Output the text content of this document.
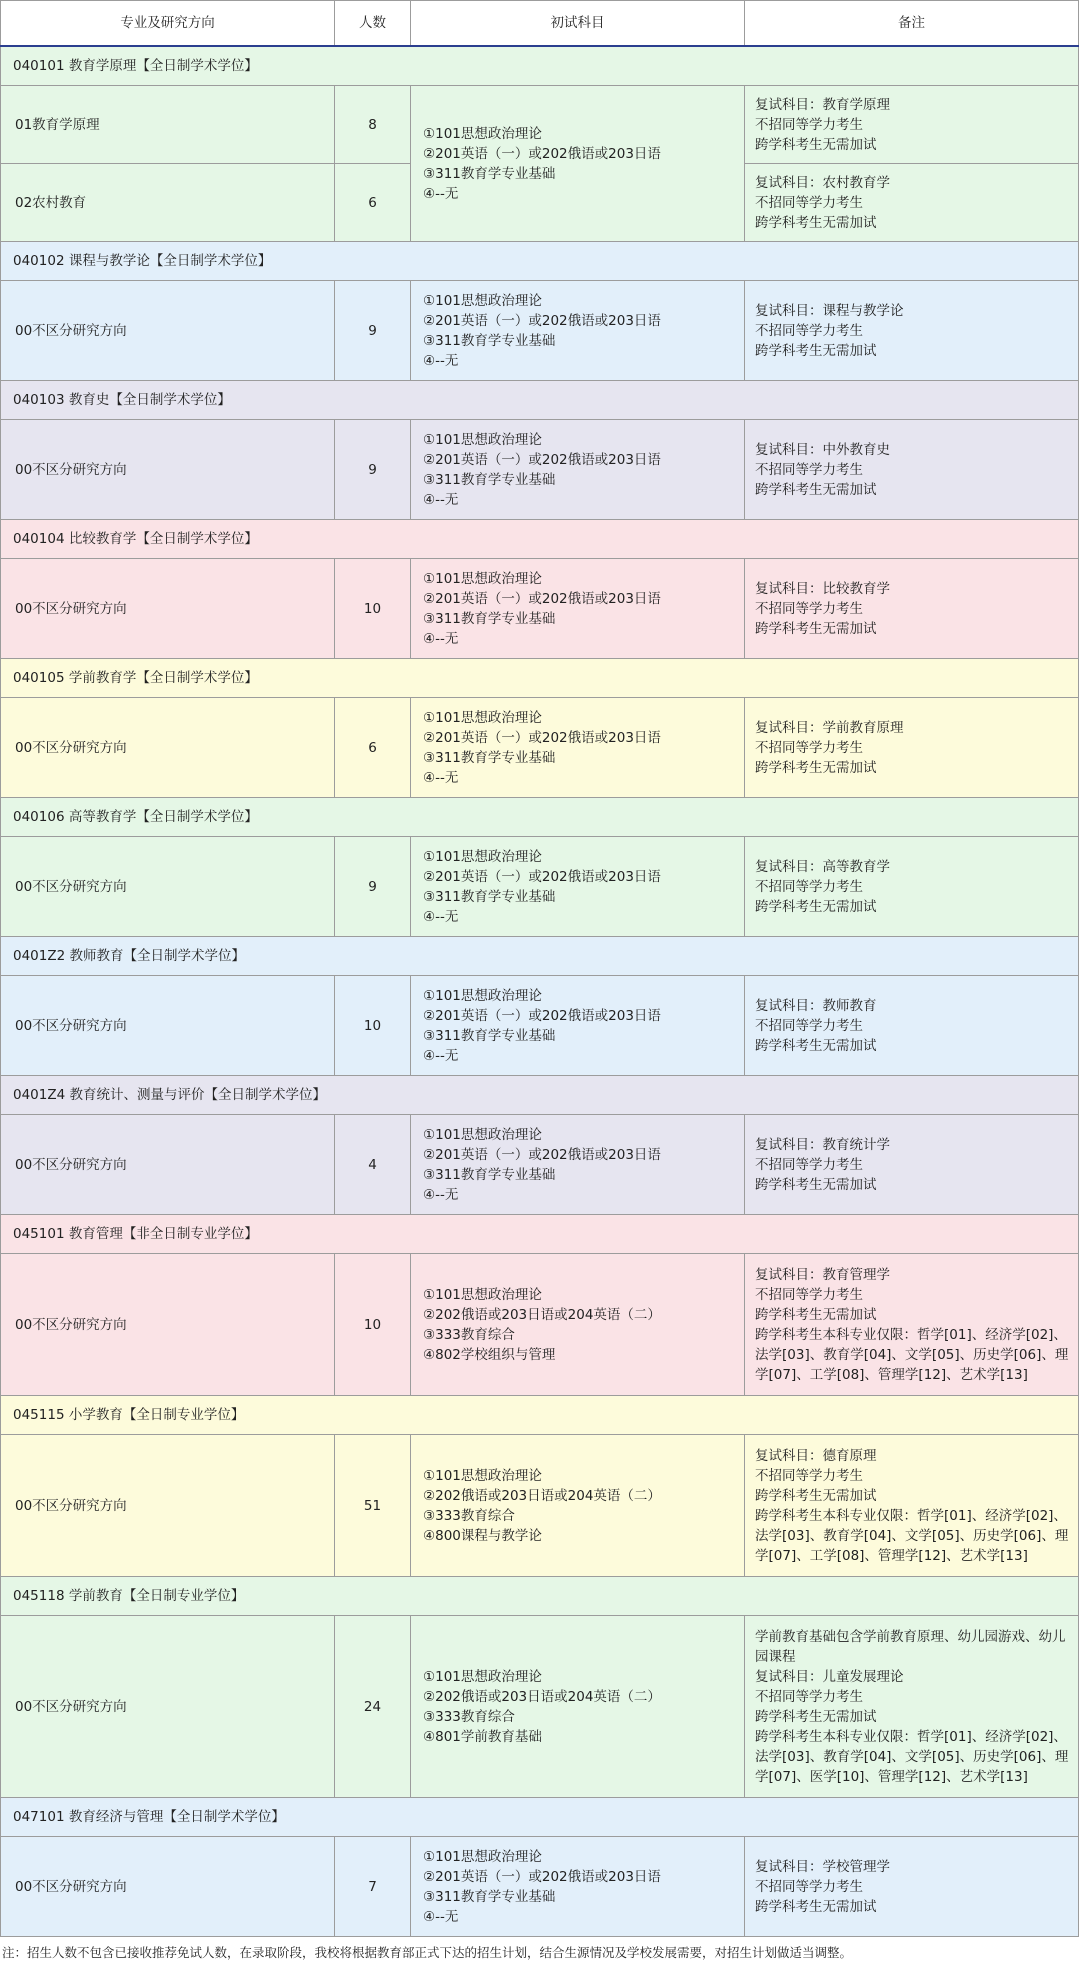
专业及研究方向	人数	初试科目	备注
040101 教育学原理【全日制学术学位】			
01教育学原理	8	①101思想政治理论
②201英语（一）或202俄语或203日语
③311教育学专业基础
④--无	复试科目：教育学原理
不招同等学力考生
跨学科考生无需加试

02农村教育	6		复试科目：农村教育学
不招同等学力考生
跨学科考生无需加试

040102 课程与教学论【全日制学术学位】			
00不区分研究方向	9	①101思想政治理论
②201英语（一）或202俄语或203日语
③311教育学专业基础
④--无	复试科目：课程与教学论
不招同等学力考生
跨学科考生无需加试

040103 教育史【全日制学术学位】			
00不区分研究方向	9	①101思想政治理论
②201英语（一）或202俄语或203日语
③311教育学专业基础
④--无	复试科目：中外教育史
不招同等学力考生
跨学科考生无需加试

040104 比较教育学【全日制学术学位】			
00不区分研究方向	10	①101思想政治理论
②201英语（一）或202俄语或203日语
③311教育学专业基础
④--无	复试科目：比较教育学
不招同等学力考生
跨学科考生无需加试

040105 学前教育学【全日制学术学位】			
00不区分研究方向	6	①101思想政治理论
②201英语（一）或202俄语或203日语
③311教育学专业基础
④--无	复试科目：学前教育原理
不招同等学力考生
跨学科考生无需加试

040106 高等教育学【全日制学术学位】			
00不区分研究方向	9	①101思想政治理论
②201英语（一）或202俄语或203日语
③311教育学专业基础
④--无	复试科目：高等教育学
不招同等学力考生
跨学科考生无需加试

0401Z2 教师教育【全日制学术学位】			
00不区分研究方向	10	①101思想政治理论
②201英语（一）或202俄语或203日语
③311教育学专业基础
④--无	复试科目：教师教育
不招同等学力考生
跨学科考生无需加试

0401Z4 教育统计、测量与评价【全日制学术学位】			
00不区分研究方向	4	①101思想政治理论
②201英语（一）或202俄语或203日语
③311教育学专业基础
④--无	复试科目：教育统计学
不招同等学力考生
跨学科考生无需加试

045101 教育管理【非全日制专业学位】			
00不区分研究方向	10	①101思想政治理论
②202俄语或203日语或204英语（二）
③333教育综合
④802学校组织与管理	复试科目：教育管理学
不招同等学力考生
跨学科考生无需加试
跨学科考生本科专业仅限：哲学[01]、经济学[02]、法学[03]、教育学[04]、文学[05]、历史学[06]、理学[07]、工学[08]、管理学[12]、艺术学[13]

045115 小学教育【全日制专业学位】			
00不区分研究方向	51	①101思想政治理论
②202俄语或203日语或204英语（二）
③333教育综合
④800课程与教学论	复试科目：德育原理
不招同等学力考生
跨学科考生无需加试
跨学科考生本科专业仅限：哲学[01]、经济学[02]、法学[03]、教育学[04]、文学[05]、历史学[06]、理学[07]、工学[08]、管理学[12]、艺术学[13]

045118 学前教育【全日制专业学位】			
00不区分研究方向	24	①101思想政治理论
②202俄语或203日语或204英语（二）
③333教育综合
④801学前教育基础	学前教育基础包含学前教育原理、幼儿园游戏、幼儿园课程
复试科目：儿童发展理论
不招同等学力考生
跨学科考生无需加试
跨学科考生本科专业仅限：哲学[01]、经济学[02]、法学[03]、教育学[04]、文学[05]、历史学[06]、理学[07]、医学[10]、管理学[12]、艺术学[13]

047101 教育经济与管理【全日制学术学位】			
00不区分研究方向	7	①101思想政治理论
②201英语（一）或202俄语或203日语
③311教育学专业基础
④--无	复试科目：学校管理学
不招同等学力考生
跨学科考生无需加试
注：招生人数不包含已接收推荐免试人数，在录取阶段，我校将根据教育部正式下达的招生计划，结合生源情况及学校发展需要，对招生计划做适当调整。
